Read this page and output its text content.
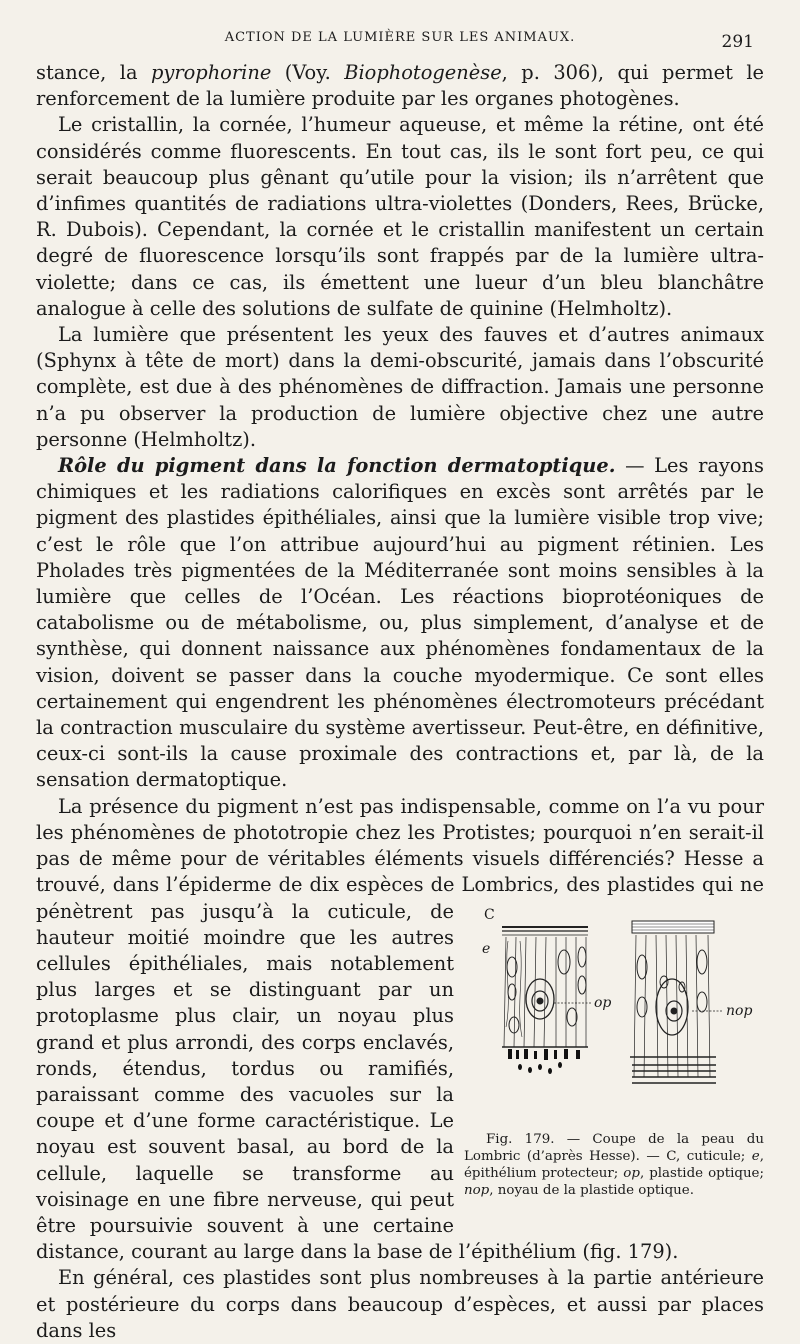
ACTION DE LA LUMIÈRE SUR LES ANIMAUX.	291

stance, la pyrophorine (Voy. Biophotogenèse, p. 306), qui permet le renforcement de la lumière produite par les organes photogènes.

Le cristallin, la cornée, l’humeur aqueuse, et même la rétine, ont été considérés comme fluorescents. En tout cas, ils le sont fort peu, ce qui serait beaucoup plus gênant qu’utile pour la vision; ils n’arrêtent que d’infimes quantités de radiations ultra-violettes (Donders, Rees, Brücke, R. Dubois). Cependant, la cornée et le cristallin manifestent un certain degré de fluorescence lorsqu’ils sont frappés par de la lumière ultra-violette; dans ce cas, ils émettent une lueur d’un bleu blanchâtre analogue à celle des solutions de sulfate de quinine (Helmholtz).

La lumière que présentent les yeux des fauves et d’autres animaux (Sphynx à tête de mort) dans la demi-obscurité, jamais dans l’obscurité complète, est due à des phénomènes de diffraction. Jamais une personne n’a pu observer la production de lumière objective chez une autre personne (Helmholtz).

Rôle du pigment dans la fonction dermatoptique. — Les rayons chimiques et les radiations calorifiques en excès sont arrêtés par le pigment des plastides épithéliales, ainsi que la lumière visible trop vive; c’est le rôle que l’on attribue aujourd’hui au pigment rétinien. Les Pholades très pigmentées de la Méditerranée sont moins sensibles à la lumière que celles de l’Océan. Les réactions bioprotéoniques de catabolisme ou de métabolisme, ou, plus simplement, d’analyse et de synthèse, qui donnent naissance aux phénomènes fondamentaux de la vision, doivent se passer dans la couche myodermique. Ce sont elles certainement qui engendrent les phénomènes électromoteurs précédant la contraction musculaire du système avertisseur. Peut-être, en définitive, ceux-ci sont-ils la cause proximale des contractions et, par là, de la sensation dermatoptique.

La présence du pigment n’est pas indispensable, comme on l’a vu pour les phénomènes de phototropie chez les Protistes; pourquoi n’en serait-il pas de même pour de véritables éléments visuels différenciés? Hesse a trouvé, dans l’épiderme de dix espèces de Lombrics, des plastides qui ne pénètrent pas	C
e
op	nop
Fig. 179. — Coupe de la peau du Lombric (d’après Hesse). — C, cuticule; e, épithélium protecteur; op, plastide optique; nop, noyau de la plastide optique.
jusqu’à la cuticule, de hauteur moitié moindre que les autres cellules épithéliales, mais notablement plus larges et se distinguant par un protoplasme plus clair, un noyau plus grand et plus arrondi, des corps enclavés, ronds, étendus, tordus ou ramifiés, paraissant comme des vacuoles sur la coupe et d’une forme caractéristique. Le noyau est souvent basal, au bord de la cellule, laquelle se transforme au voisinage en une fibre nerveuse, qui peut être poursuivie souvent à une certaine distance, courant au large dans la base de l’épithélium (fig. 179).

En général, ces plastides sont plus nombreuses à la partie antérieure et postérieure du corps dans beaucoup d’espèces, et aussi par places dans les
